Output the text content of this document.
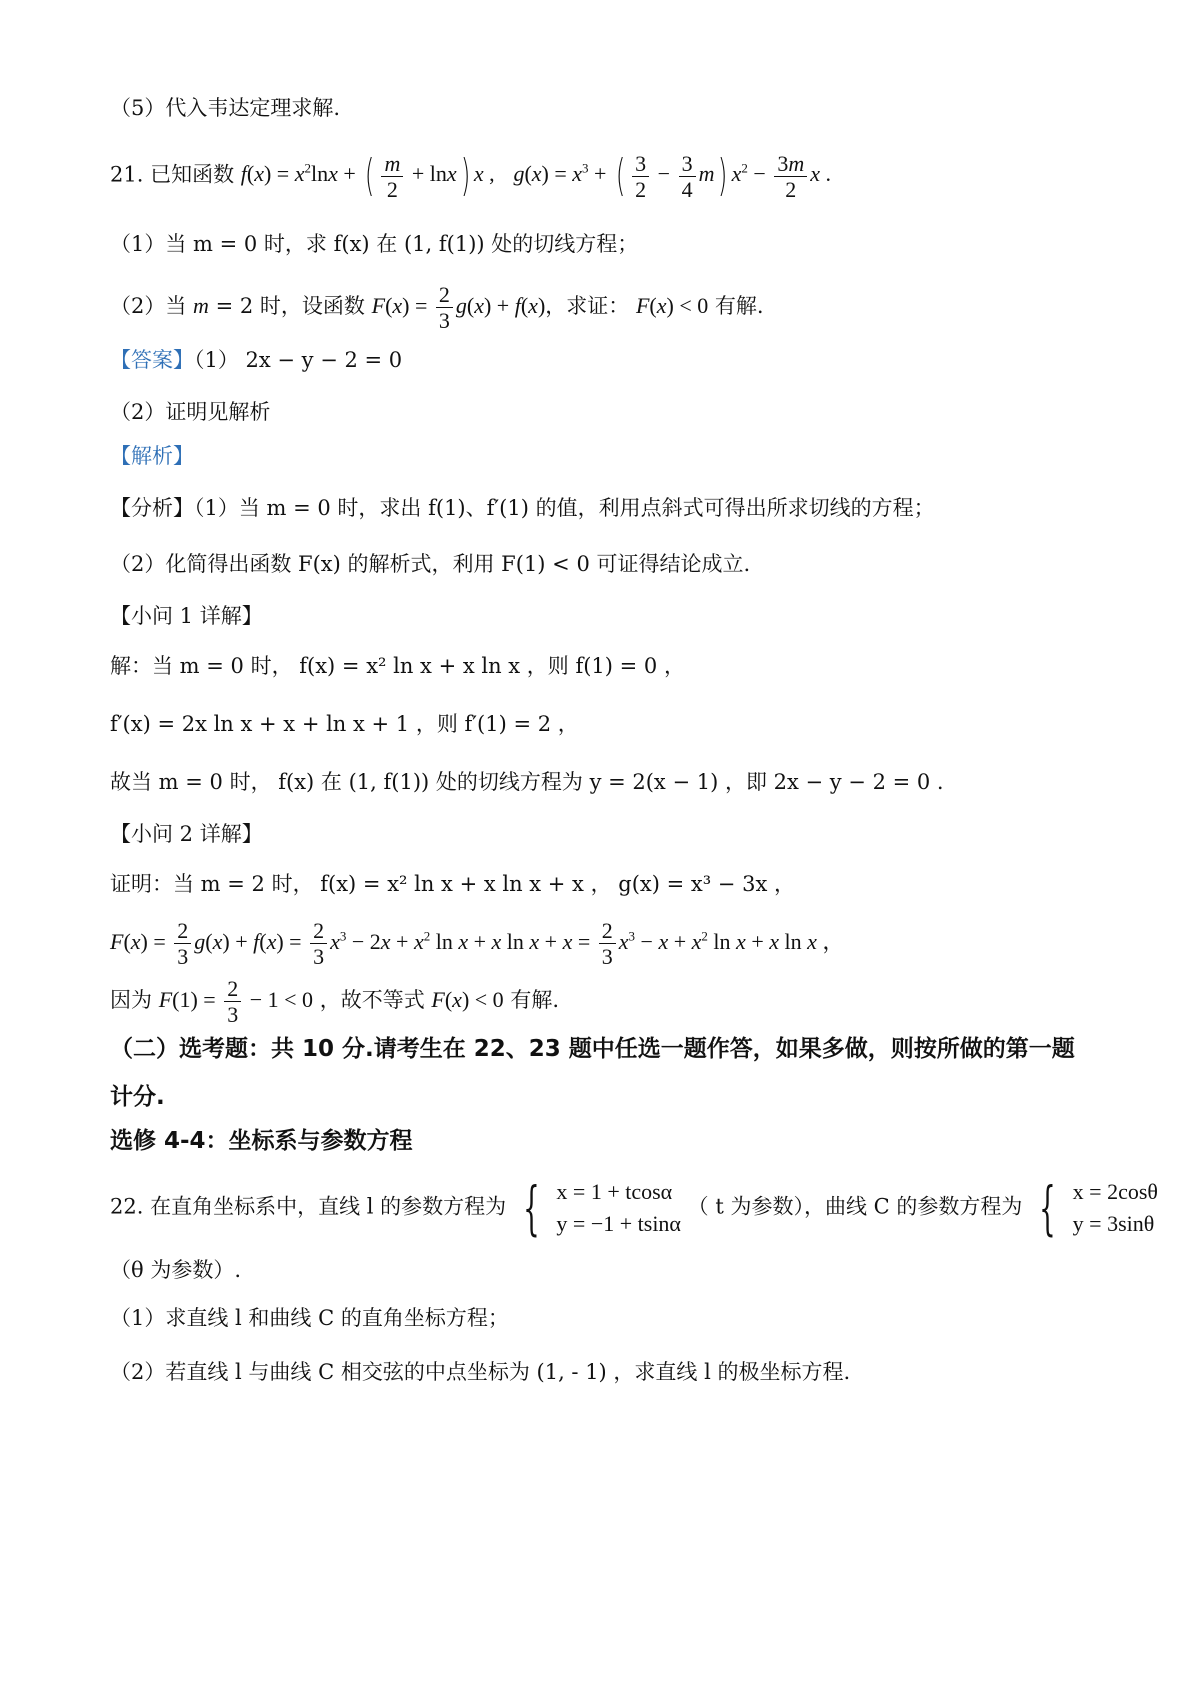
（5）代入韦达定理求解.
21. 已知函数 $f(x) = x^2\ln x$ + ( $\frac{m}{2} + \ln x$) x ,   $g(x) = x^3$ + ( $\frac{3}{2} - \frac{3}{4} m$) $x^2 - \frac{3m}{2}$ x .
（1）当 m = 0 时，求 f(x) 在 (1, f(1)) 处的切线方程；
（2）当 m = 2 时，设函数 $F(x) = \frac{2}{3} g(x) + f(x)$，求证： F(x) < 0 有解.
【答案】（1） 2x − y − 2 = 0
（2）证明见解析
【解析】
【分析】（1）当 m = 0 时，求出 f(1)、f′(1) 的值，利用点斜式可得出所求切线的方程；
（2）化简得出函数 F(x) 的解析式，利用 F(1) < 0 可证得结论成立.
【小问 1 详解】
解：当 m = 0 时， f(x) = x² ln x + x ln x ，则 f(1) = 0 ，
f′(x) = 2x ln x + x + ln x + 1 ，则 f′(1) = 2 ，
故当 m = 0 时， f(x) 在 (1, f(1)) 处的切线方程为 y = 2(x − 1) ，即 2x − y − 2 = 0 .
【小问 2 详解】
证明：当 m = 2 时， f(x) = x² ln x + x ln x + x ， g(x) = x³ − 3x ，
$F(x) = \frac{2}{3} g(x) + f(x) = \frac{2}{3} x^3 - 2x + x^2$ ln x + x $\ln x + x = \frac{2}{3} x^3 - x + x^2$ ln x + x ln x ，
因为 $F(1) = \frac{2}{3} - 1 < 0$ ，故不等式 F(x) < 0 有解.
（二）选考题：共 10 分.请考生在 22、23 题中任选一题作答，如果多做，则按所做的第一题
计分.
选修 4-4：坐标系与参数方程
22. 在直角坐标系中，直线 l 的参数方程为 { x = 1 + tcosα
y = −1 + tsinα
（ t 为参数），曲线 C 的参数方程为 { x = 2cosθ
y = 3sinθ
（θ 为参数）.
（1）求直线 l 和曲线 C 的直角坐标方程；
（2）若直线 l 与曲线 C 相交弦的中点坐标为 (1, - 1) ，求直线 l 的极坐标方程.
